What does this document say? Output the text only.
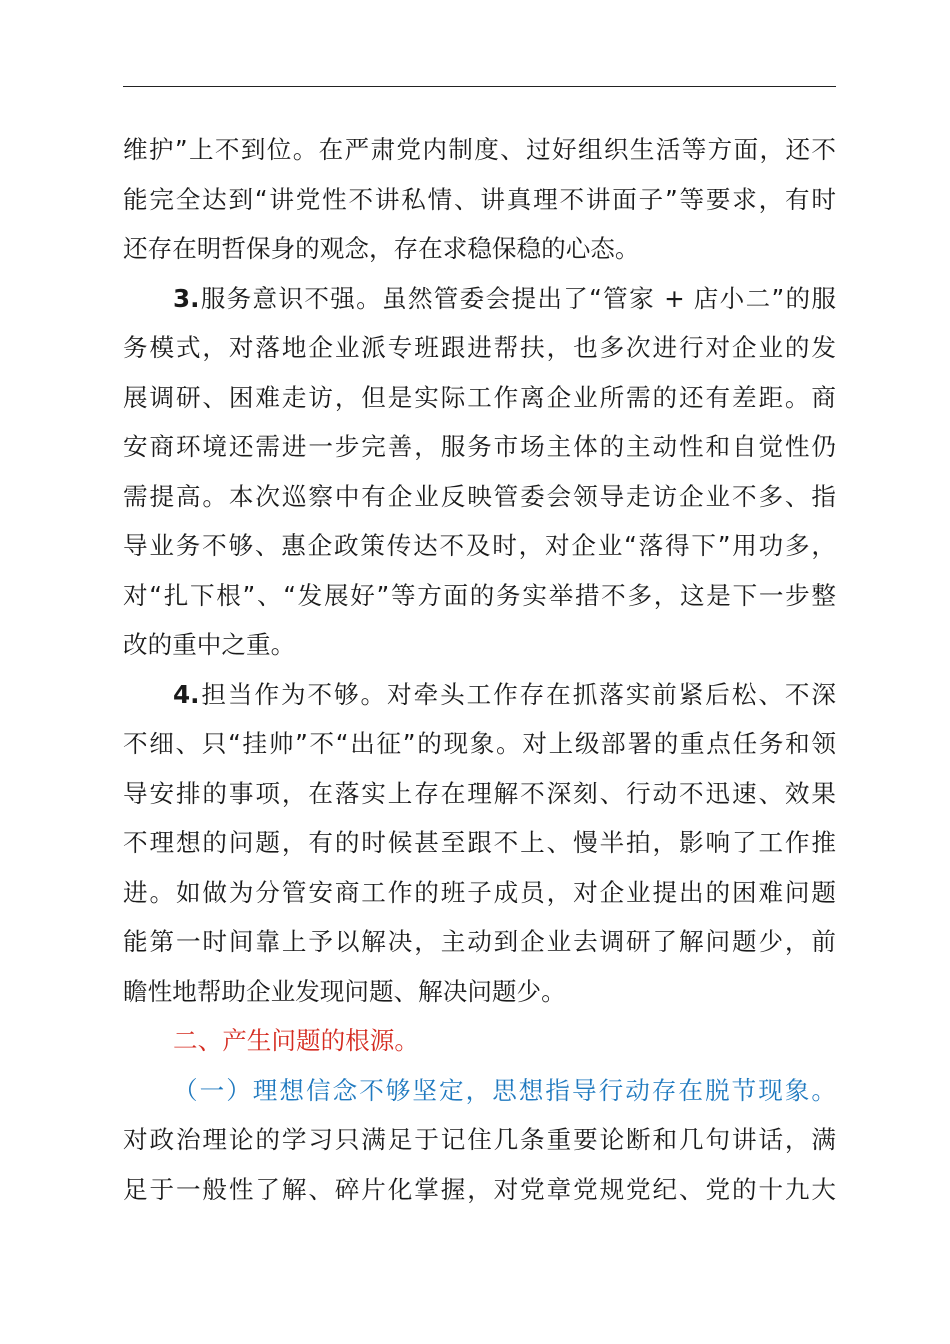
维护”上不到位。在严肃党内制度、过好组织生活等方面，还不
能完全达到“讲党性不讲私情、讲真理不讲面子”等要求，有时
还存在明哲保身的观念，存在求稳保稳的心态。
3.服务意识不强。虽然管委会提出了“管家 + 店小二”的服
务模式，对落地企业派专班跟进帮扶，也多次进行对企业的发
展调研、困难走访，但是实际工作离企业所需的还有差距。商
安商环境还需进一步完善，服务市场主体的主动性和自觉性仍
需提高。本次巡察中有企业反映管委会领导走访企业不多、指
导业务不够、惠企政策传达不及时，对企业“落得下”用功多，
对“扎下根”、“发展好”等方面的务实举措不多，这是下一步整
改的重中之重。
4.担当作为不够。对牵头工作存在抓落实前紧后松、不深
不细、只“挂帅”不“出征”的现象。对上级部署的重点任务和领
导安排的事项，在落实上存在理解不深刻、行动不迅速、效果
不理想的问题，有的时候甚至跟不上、慢半拍，影响了工作推
进。如做为分管安商工作的班子成员，对企业提出的困难问题
能第一时间靠上予以解决，主动到企业去调研了解问题少，前
瞻性地帮助企业发现问题、解决问题少。
二、产生问题的根源。
（一）理想信念不够坚定，思想指导行动存在脱节现象。
对政治理论的学习只满足于记住几条重要论断和几句讲话，满
足于一般性了解、碎片化掌握，对党章党规党纪、党的十九大
